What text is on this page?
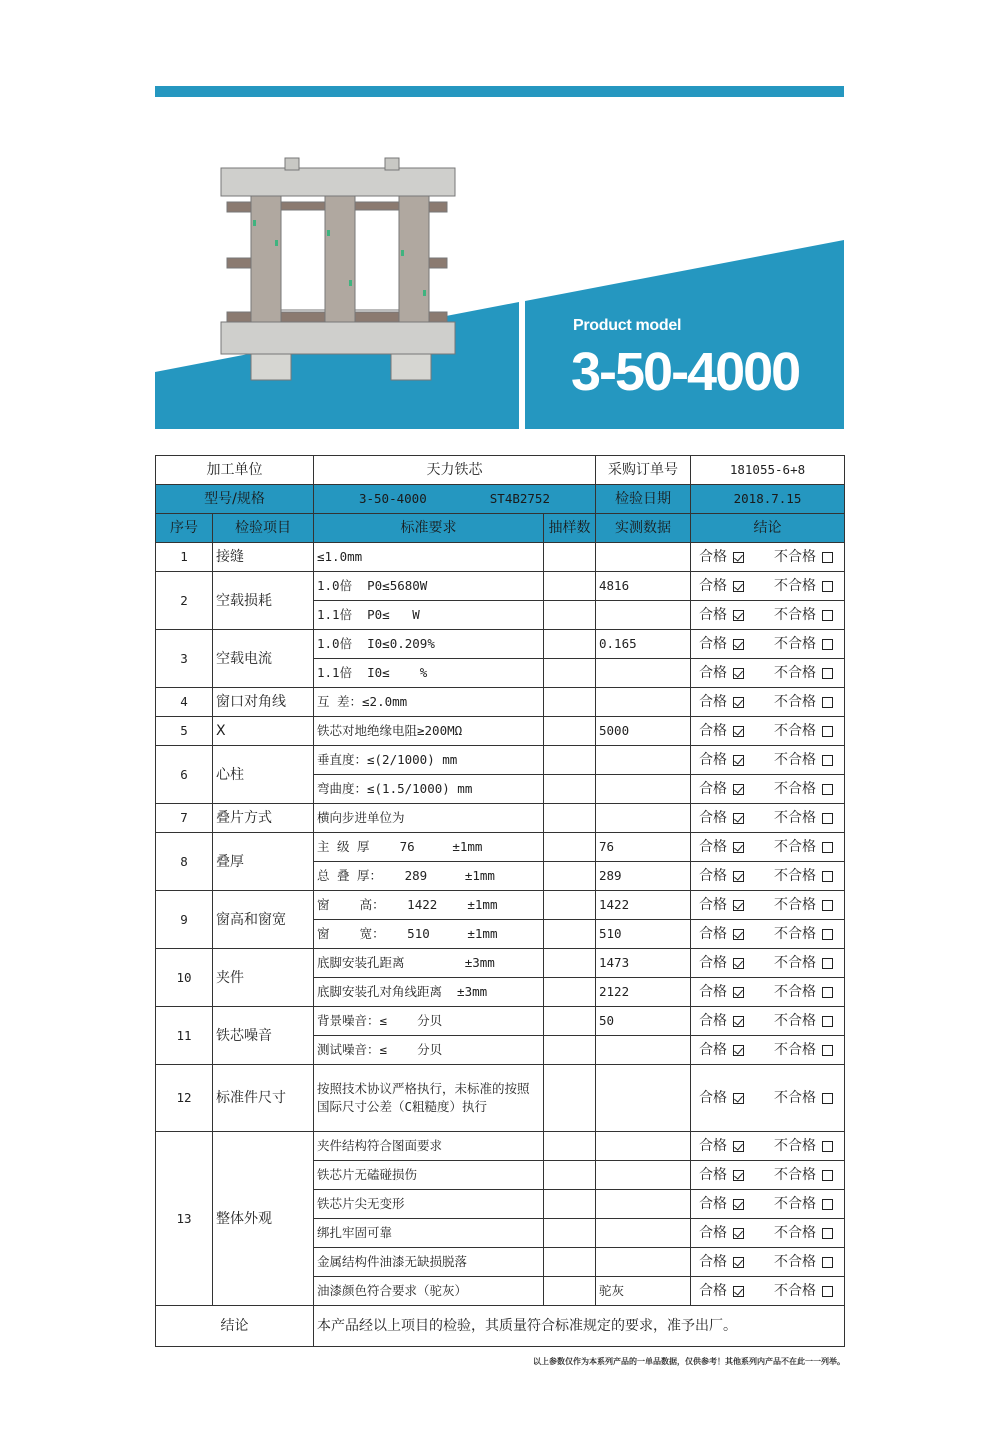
Product model
3-50-4000
加工单位		天力铁芯		采购订单号	181055-6+8
型号/规格		3-50-4000 ST4B2752		检验日期	2018.7.15
序号	检验项目	标准要求	抽样数	实测数据	结论
1	接缝	≤1.0mm			合格 不合格

2	空载损耗	1.0倍  P0≤5680W		4816	合格 不合格

		1.1倍  P0≤   W			合格 不合格

3	空载电流	1.0倍  I0≤0.209%		0.165	合格 不合格

		1.1倍  I0≤    %			合格 不合格

4	窗口对角线	互 差：≤2.0mm			合格 不合格

5	X	铁芯对地绝缘电阻≥200MΩ		5000	合格 不合格

6	心柱	垂直度：≤(2/1000) mm			合格 不合格

		弯曲度：≤(1.5/1000) mm			合格 不合格

7	叠片方式	横向步进单位为			合格 不合格

8	叠厚	主 级 厚    76     ±1mm		76	合格 不合格

		总 叠 厚：   289     ±1mm		289	合格 不合格

9	窗高和窗宽	窗    高：   1422    ±1mm		1422	合格 不合格

		窗    宽：   510     ±1mm		510	合格 不合格

10	夹件	底脚安装孔距离        ±3mm		1473	合格 不合格

		底脚安装孔对角线距离  ±3mm		2122	合格 不合格

11	铁芯噪音	背景噪音：≤    分贝		50	合格 不合格

		测试噪音：≤    分贝			合格 不合格

12	标准件尺寸	按照技术协议严格执行，未标准的按照国际尺寸公差（C粗糙度）执行			合格 不合格

13	整体外观	夹件结构符合图面要求			合格 不合格

		铁芯片无磕碰损伤			合格 不合格

		铁芯片尖无变形			合格 不合格

		绑扎牢固可靠			合格 不合格

		金属结构件油漆无缺损脱落			合格 不合格

		油漆颜色符合要求（驼灰）		驼灰	合格 不合格

结论		本产品经以上项目的检验，其质量符合标准规定的要求，准予出厂。			
以上参数仅作为本系列产品的一单品数据，仅供参考！其他系列内产品不在此一一列举。
